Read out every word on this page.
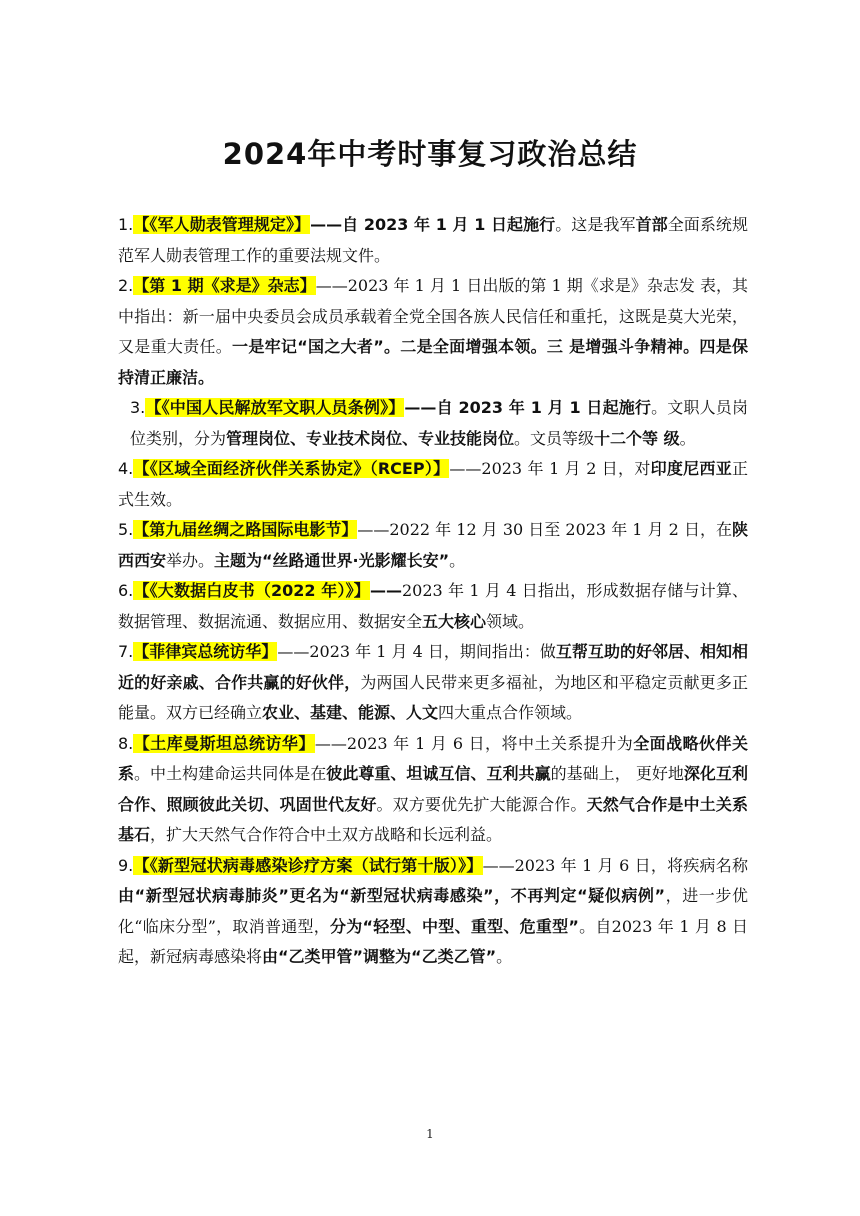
2024年中考时事复习政治总结

1.【《军人勋表管理规定》】——自 2023 年 1 月 1 日起施行。这是我军首部全面系统规范军人勋表管理工作的重要法规文件。

2.【第 1 期《求是》杂志】——2023 年 1 月 1 日出版的第 1 期《求是》杂志发 表，其中指出：新一届中央委员会成员承载着全党全国各族人民信任和重托，这既是莫大光荣，又是重大责任。一是牢记“国之大者”。二是全面增强本领。三 是增强斗争精神。四是保持清正廉洁。

3.【《中国人民解放军文职人员条例》】——自 2023 年 1 月 1 日起施行。文职人员岗位类别，分为管理岗位、专业技术岗位、专业技能岗位。文员等级十二个等 级。

4.【《区域全面经济伙伴关系协定》（RCEP）】——2023 年 1 月 2 日，对印度尼西亚正式生效。

5.【第九届丝绸之路国际电影节】——2022 年 12 月 30 日至 2023 年 1 月 2 日，在陕西西安举办。主题为“丝路通世界·光影耀长安”。

6.【《大数据白皮书（2022 年）》】——2023 年 1 月 4 日指出，形成数据存储与计算、数据管理、数据流通、数据应用、数据安全五大核心领域。

7.【菲律宾总统访华】——2023 年 1 月 4 日，期间指出：做互帮互助的好邻居、相知相近的好亲戚、合作共赢的好伙伴，为两国人民带来更多福祉，为地区和平稳定贡献更多正能量。双方已经确立农业、基建、能源、人文四大重点合作领域。

8.【土库曼斯坦总统访华】——2023 年 1 月 6 日，将中土关系提升为全面战略伙伴关系。中土构建命运共同体是在彼此尊重、坦诚互信、互利共赢的基础上， 更好地深化互利合作、照顾彼此关切、巩固世代友好。双方要优先扩大能源合作。天然气合作是中土关系基石，扩大天然气合作符合中土双方战略和长远利益。

9.【《新型冠状病毒感染诊疗方案（试行第十版）》】——2023 年 1 月 6 日，将疾病名称由“新型冠状病毒肺炎”更名为“新型冠状病毒感染”，不再判定“疑似病例”，进一步优化“临床分型”，取消普通型，分为“轻型、中型、重型、危重型”。自2023 年 1 月 8 日起，新冠病毒感染将由“乙类甲管”调整为“乙类乙管”。

1
